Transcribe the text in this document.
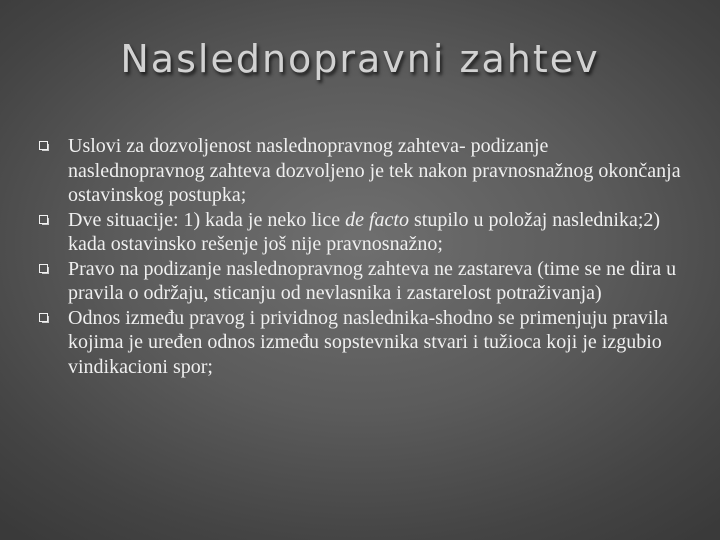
Naslednopravni zahtev
Uslovi za dozvoljenost naslednopravnog zahteva- podizanje naslednopravnog zahteva dozvoljeno je tek nakon pravnosnažnog okončanja ostavinskog postupka;
Dve situacije: 1) kada je neko lice de facto stupilo u položaj naslednika;2) kada ostavinsko rešenje još nije pravnosnažno;
Pravo na podizanje naslednopravnog zahteva ne zastareva (time se ne dira u pravila o održaju, sticanju od nevlasnika i zastarelost potraživanja)
Odnos između pravog i prividnog naslednika-shodno se primenjuju pravila kojima je uređen odnos između sopstevnika stvari i tužioca koji je izgubio vindikacioni spor;
